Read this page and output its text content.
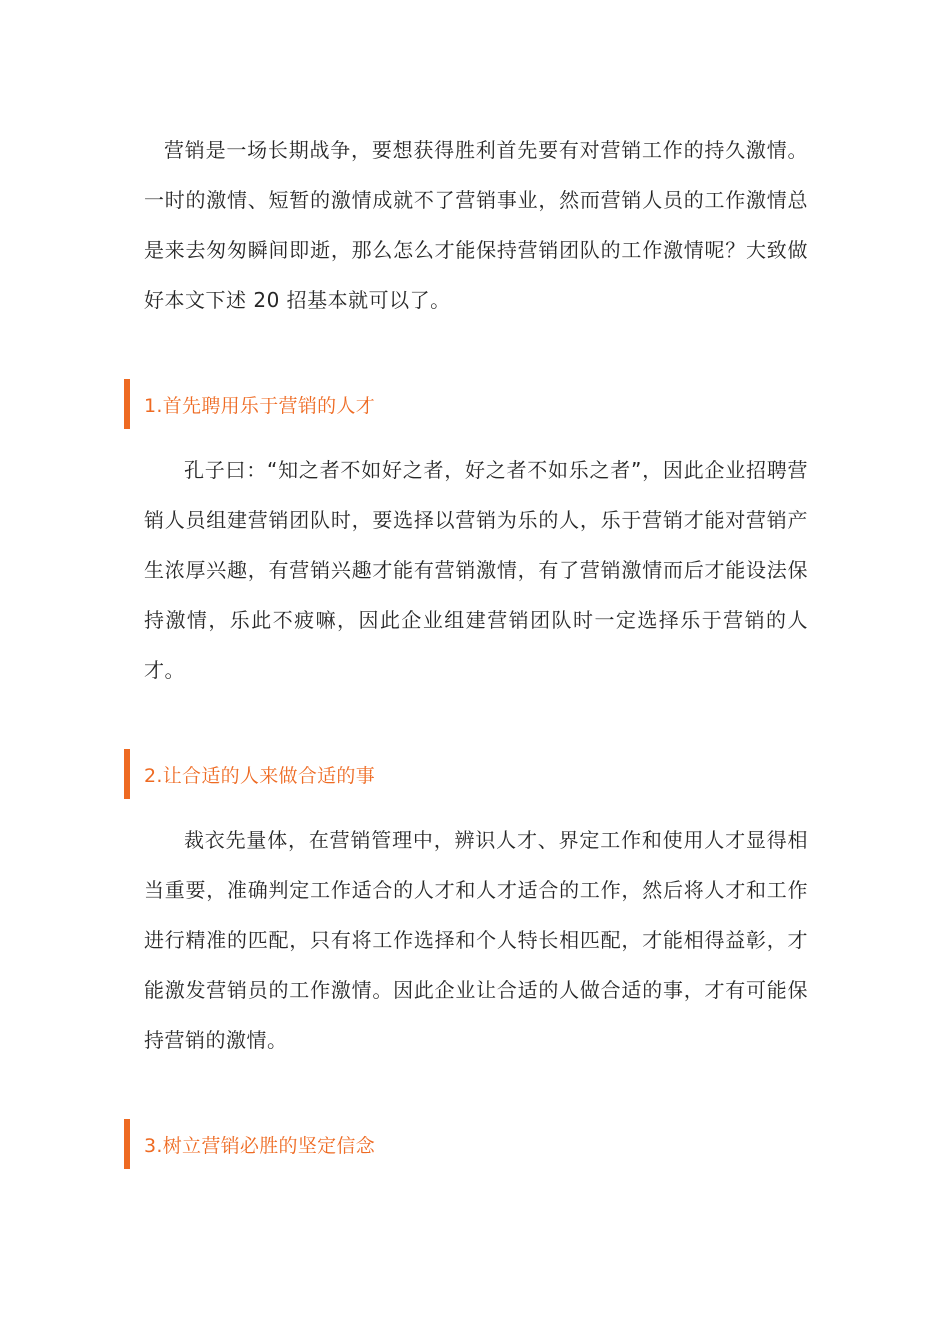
营销是一场长期战争，要想获得胜利首先要有对营销工作的持久激情。一时的激情、短暂的激情成就不了营销事业，然而营销人员的工作激情总是来去匆匆瞬间即逝，那么怎么才能保持营销团队的工作激情呢？大致做好本文下述 20 招基本就可以了。

1.首先聘用乐于营销的人才

孔子曰：“知之者不如好之者，好之者不如乐之者”，因此企业招聘营销人员组建营销团队时，要选择以营销为乐的人，乐于营销才能对营销产生浓厚兴趣，有营销兴趣才能有营销激情，有了营销激情而后才能设法保持激情，乐此不疲嘛，因此企业组建营销团队时一定选择乐于营销的人才。

2.让合适的人来做合适的事

裁衣先量体，在营销管理中，辨识人才、界定工作和使用人才显得相当重要，准确判定工作适合的人才和人才适合的工作，然后将人才和工作进行精准的匹配，只有将工作选择和个人特长相匹配，才能相得益彰，才能激发营销员的工作激情。因此企业让合适的人做合适的事，才有可能保持营销的激情。

3.树立营销必胜的坚定信念
